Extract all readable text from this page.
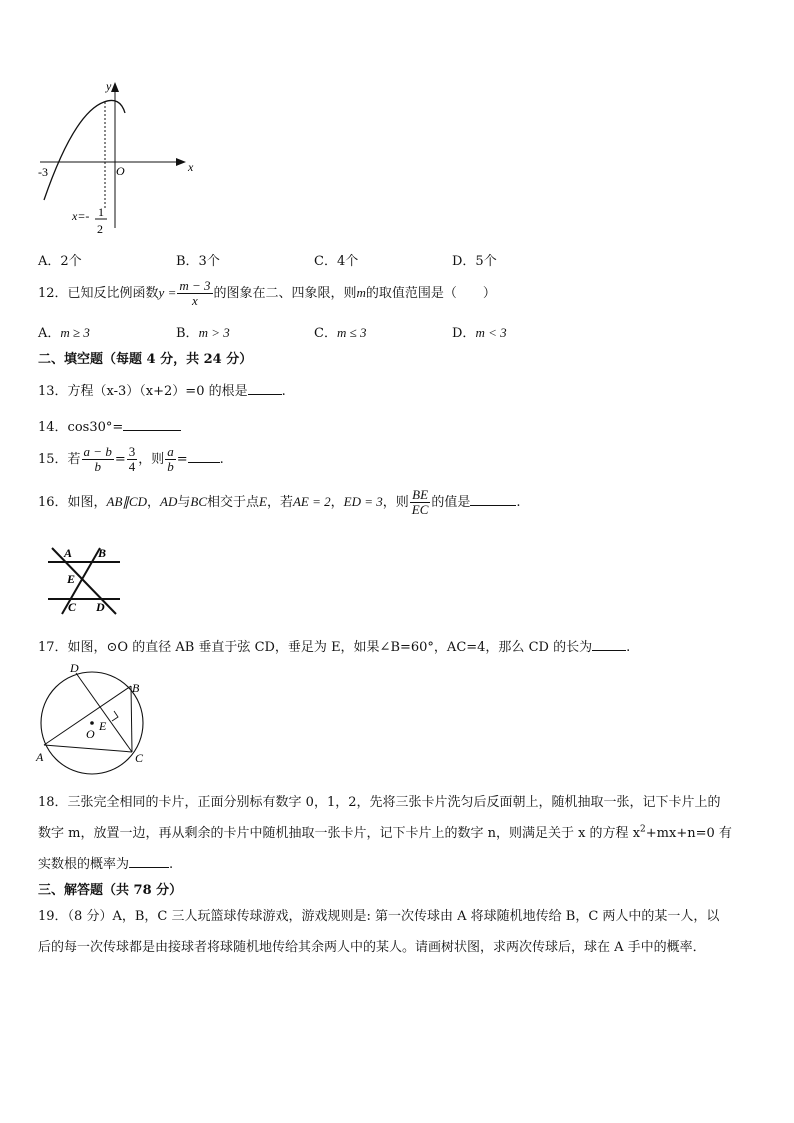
y
x
O
-3
x=- 1
2
A．2个	B．3个	C．4个	D．5个
12．已知反比例函数$y = \frac{m - 3}{x}$ 的图象在二、四象限，则m的取值范围是（　　）
A．m ≥ 3	B．m > 3	C．m ≤ 3	D．m < 3
二、填空题（每题 4 分，共 24 分）
13．方程（x-3）（x+2）=0 的根是	.
14．cos30°=
15．若 $\frac{a - b}{b} = \frac{3}{4}$ ，则 $\frac{a}{b}$ = .
16．如图，AB∥CD，AD与BC相交于点E，若AE = 2，ED = 3，则 $\frac{BE}{EC}$ 的值是	.
A B
E
C D
17．如图，⊙O 的直径 AB 垂直于弦 CD，垂足为 E，如果∠B=60°，AC=4，那么 CD 的长为	.
D
B
E
O
A	C
18．三张完全相同的卡片，正面分别标有数字 0，1，2，先将三张卡片洗匀后反面朝上，随机抽取一张，记下卡片上的
数字 m，放置一边，再从剩余的卡片中随机抽取一张卡片，记下卡片上的数字 n，则满足关于 x 的方程 $x^2+mx+n=0$ 有
实数根的概率为	.
三、解答题（共 78 分）
19．（8 分）A，B，C 三人玩篮球传球游戏，游戏规则是: 第一次传球由 A 将球随机地传给 B，C 两人中的某一人，以
后的每一次传球都是由接球者将球随机地传给其余两人中的某人。请画树状图，求两次传球后，球在 A 手中的概率．
